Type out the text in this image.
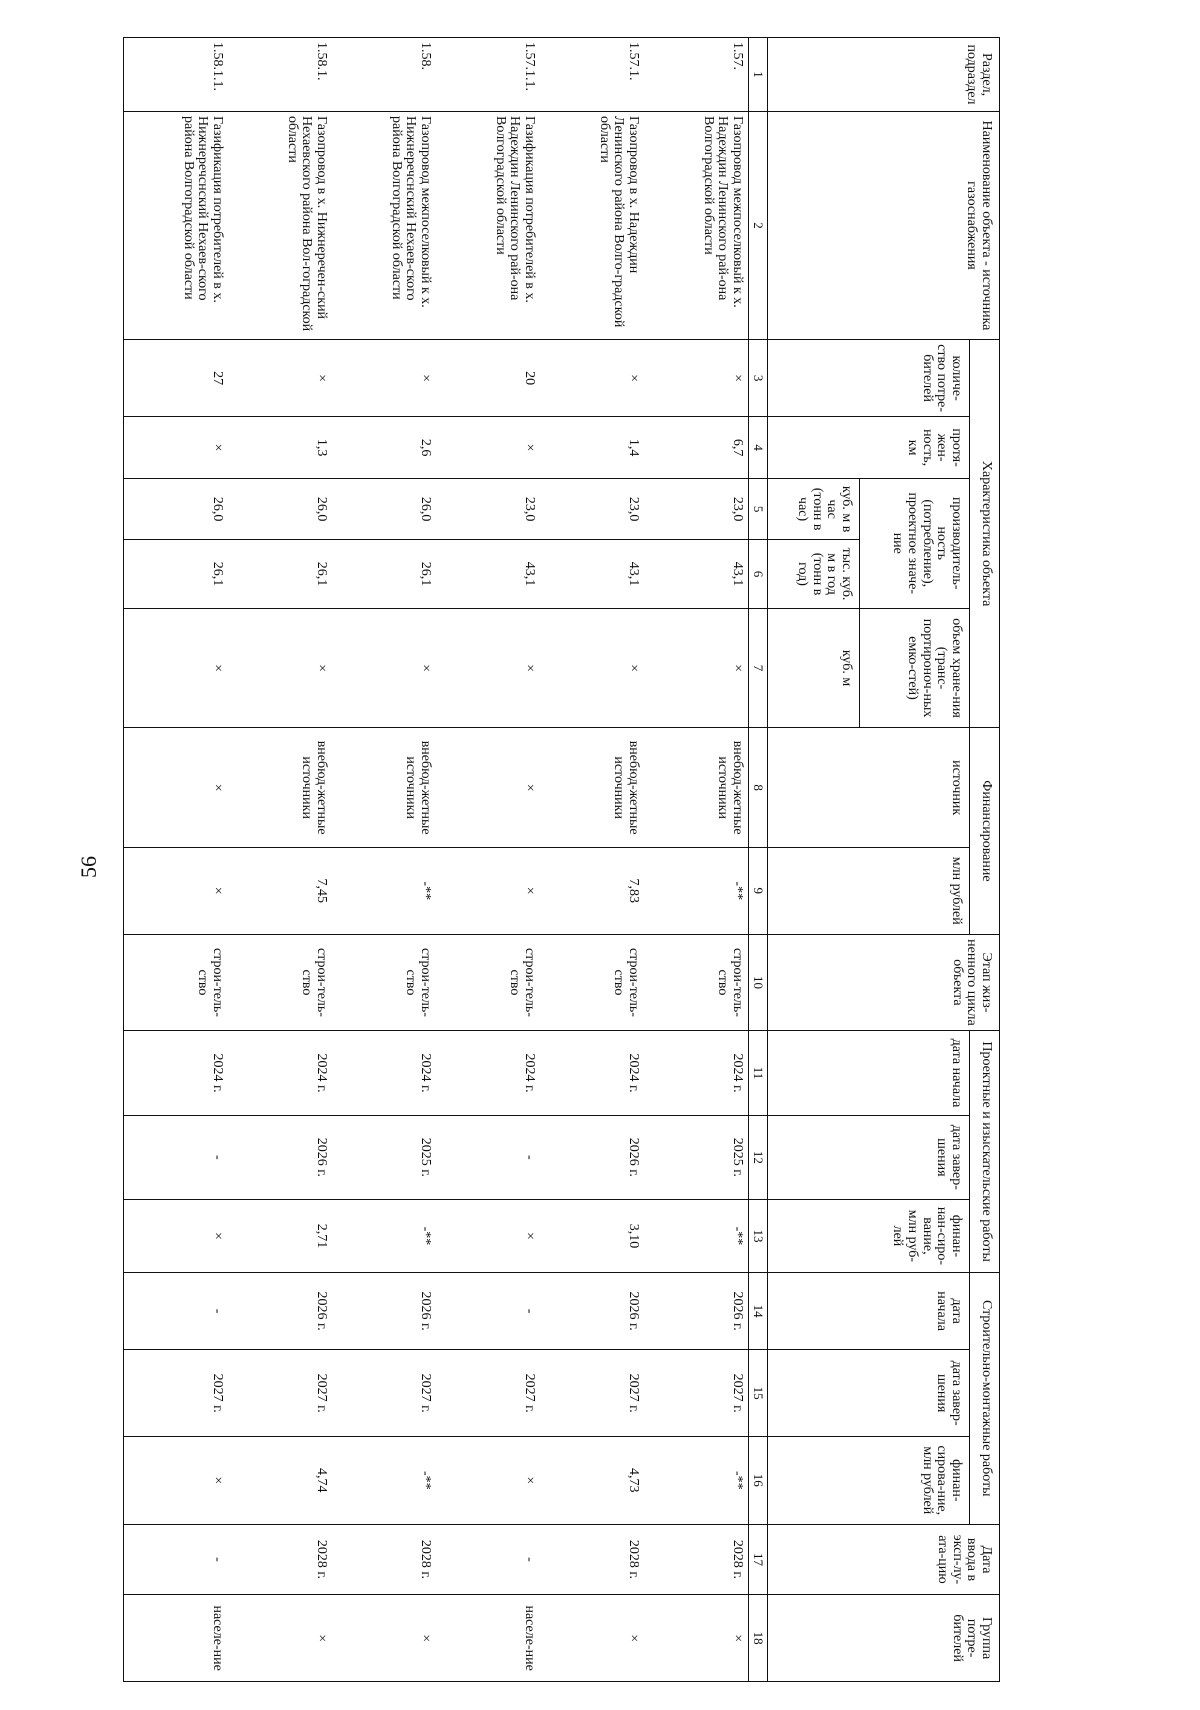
56
Раздел, подраздел	Наименование объекта - источника газоснабжения	Характеристика объекта					Финансирование		Этап жиз-ненного цикла объекта	Проектные и изыскательские работы			Строительно-монтажные работы			Дата ввода в эксп-лу-ата-цию	Группа потре-бителей
		количе-ство потре-бителей	протя-жен-ность, км	производитель-ность (потребление), проектное значе-ние		объем хране-ния (транс-портироноч-ных емко-стей)	источник	млн рублей		дата начала	дата завер-шения	финан-нан-сиро-вание, млн руб-лей	дата начала	дата завер-шения	финан-сирова-ние, млн рублей		

				куб. м в час (тонн в час)	тыс. куб. м в год (тонн в год)	куб. м											
1	2	3	4	5	6	7	8	9	10	11	12	13	14	15	16	17	18
1.57.	Газопровод межпоселковый к х. Надеждин Ленинского рай-она Волгоградской области	×	6,7	23,0	43,1	×	внебюд-жетные источники	-**	строи-тель-ство	2024 г.	2025 г.	-**	2026 г.	2027 г.	-**	2028 г.	×
1.57.1.	Газопровод в х. Надеждин Ленинского района Волго-градской области	×	1,4	23,0	43,1	×	внебюд-жетные источники	7,83	строи-тель-ство	2024 г.	2026 г.	3,10	2026 г.	2027 г.	4,73	2028 г.	×
1.57.1.1.	Газификация потребителей в х. Надеждин Ленинского рай-она Волгоградской области	20	×	23,0	43,1	×	×	×	строи-тель-ство	2024 г.	-	×	-	2027 г.	×	-	населе-ние
1.58.	Газопровод межпоселковый к х. Нижнеречснский Нехаев-ского района Волгоградской области	×	2,6	26,0	26,1	×	внебюд-жетные источники	-**	строи-тель-ство	2024 г.	2025 г.	-**	2026 г.	2027 г.	-**	2028 г.	×
1.58.1.	Газопровод в х. Нижнеречен-ский Нехаевского района Вол-гоградской области	×	1,3	26,0	26,1	×	внебюд-жетные источники	7,45	строи-тель-ство	2024 г.	2026 г.	2,71	2026 г.	2027 г.	4,74	2028 г.	×
1.58.1.1.	Газификация потребителей в х. Нижнеречснский Нехаев-ского района Волгоградской области	27	×	26,0	26,1	×	×	×	строи-тель-ство	2024 г.	-	×	-	2027 г.	×	-	населе-ние
